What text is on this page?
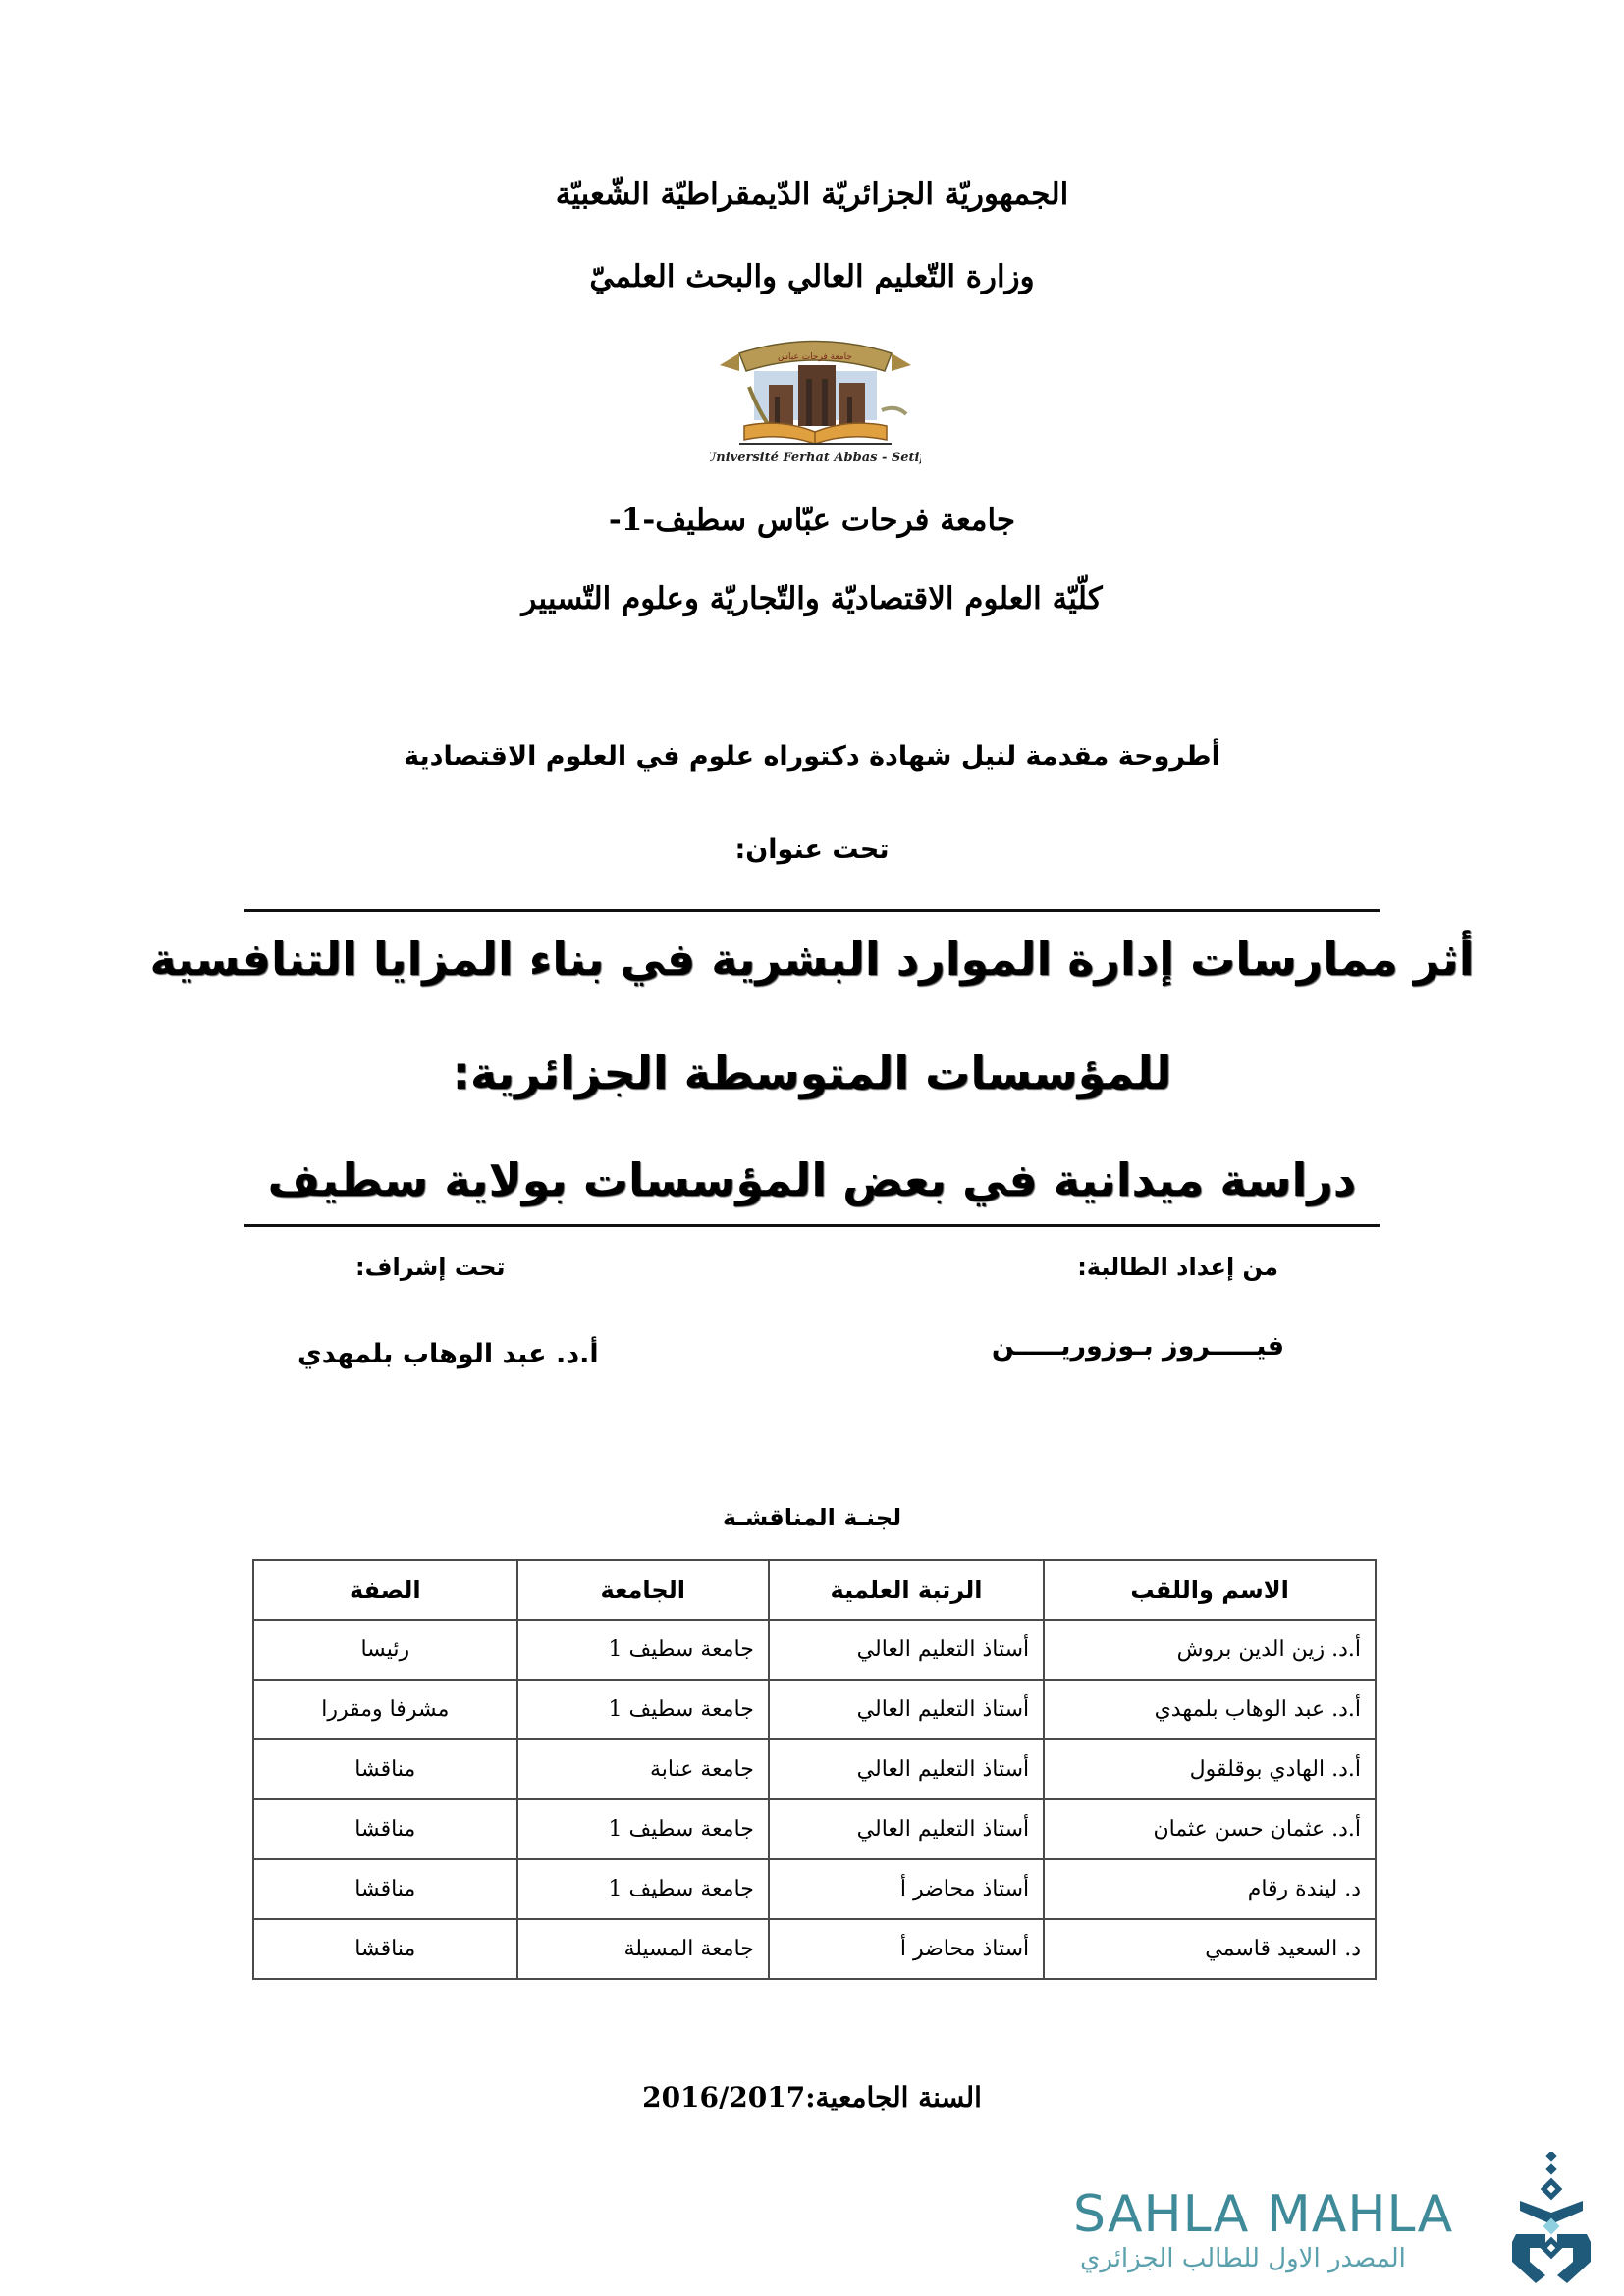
الجمهوريّة الجزائريّة الدّيمقراطيّة الشّعبيّة
وزارة التّعليم العالي والبحث العلميّ
جامعة فرحات عباس
Université Ferhat Abbas - Setif
جامعة فرحات عبّاس سطيف-1-
كلّيّة العلوم الاقتصاديّة والتّجاريّة وعلوم التّسيير
أطروحة مقدمة لنيل شهادة دكتوراه علوم في العلوم الاقتصادية
تحت عنوان:
أثر ممارسات إدارة الموارد البشرية في بناء المزايا التنافسية
للمؤسسات المتوسطة الجزائرية:
دراسة ميدانية في بعض المؤسسات بولاية سطيف
من إعداد الطالبة:
فيـــــروز بـوزوريـــــن
تحت إشراف:
أ.د. عبد الوهاب بلمهدي
لجنـة المناقشـة
الاسم واللقب	الرتبة العلمية	الجامعة	الصفة
أ.د. زين الدين بروش	أستاذ التعليم العالي	جامعة سطيف 1	رئيسا
أ.د. عبد الوهاب بلمهدي	أستاذ التعليم العالي	جامعة سطيف 1	مشرفا ومقررا
أ.د. الهادي بوقلقول	أستاذ التعليم العالي	جامعة عنابة	مناقشا
أ.د. عثمان حسن عثمان	أستاذ التعليم العالي	جامعة سطيف 1	مناقشا
د. ليندة رقام	أستاذ محاضر أ	جامعة سطيف 1	مناقشا
د. السعيد قاسمي	أستاذ محاضر أ	جامعة المسيلة	مناقشا
السنة الجامعية:2016/2017
SAHLA MAHLA
المصدر الاول للطالب الجزائري
